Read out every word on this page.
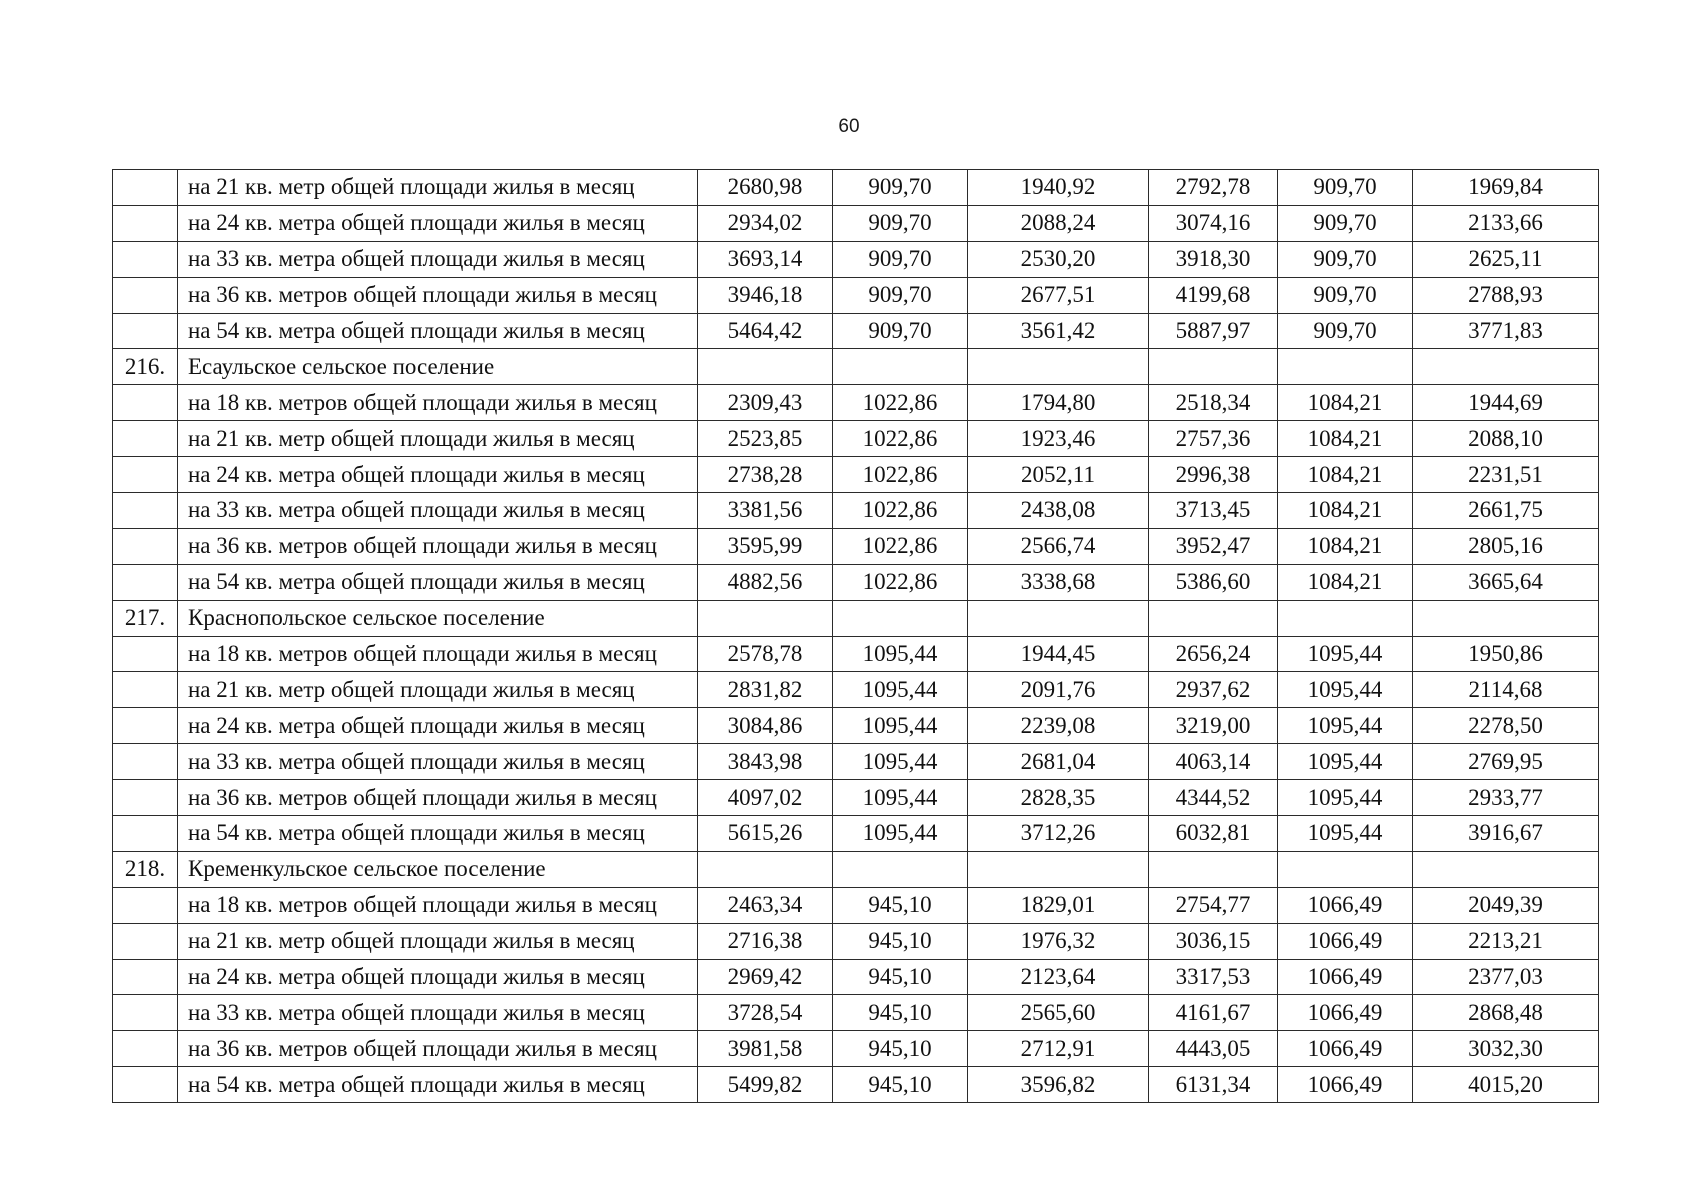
60
	на 21 кв. метр общей площади жилья в месяц	2680,98	909,70	1940,92	2792,78	909,70	1969,84
	на 24 кв. метра общей площади жилья в месяц	2934,02	909,70	2088,24	3074,16	909,70	2133,66
	на 33 кв. метра общей площади жилья в месяц	3693,14	909,70	2530,20	3918,30	909,70	2625,11
	на 36 кв. метров общей площади жилья в месяц	3946,18	909,70	2677,51	4199,68	909,70	2788,93
	на 54 кв. метра общей площади жилья в месяц	5464,42	909,70	3561,42	5887,97	909,70	3771,83
216.	Есаульское сельское поселение						
	на 18 кв. метров общей площади жилья в месяц	2309,43	1022,86	1794,80	2518,34	1084,21	1944,69
	на 21 кв. метр общей площади жилья в месяц	2523,85	1022,86	1923,46	2757,36	1084,21	2088,10
	на 24 кв. метра общей площади жилья в месяц	2738,28	1022,86	2052,11	2996,38	1084,21	2231,51
	на 33 кв. метра общей площади жилья в месяц	3381,56	1022,86	2438,08	3713,45	1084,21	2661,75
	на 36 кв. метров общей площади жилья в месяц	3595,99	1022,86	2566,74	3952,47	1084,21	2805,16
	на 54 кв. метра общей площади жилья в месяц	4882,56	1022,86	3338,68	5386,60	1084,21	3665,64
217.	Краснопольское сельское поселение						
	на 18 кв. метров общей площади жилья в месяц	2578,78	1095,44	1944,45	2656,24	1095,44	1950,86
	на 21 кв. метр общей площади жилья в месяц	2831,82	1095,44	2091,76	2937,62	1095,44	2114,68
	на 24 кв. метра общей площади жилья в месяц	3084,86	1095,44	2239,08	3219,00	1095,44	2278,50
	на 33 кв. метра общей площади жилья в месяц	3843,98	1095,44	2681,04	4063,14	1095,44	2769,95
	на 36 кв. метров общей площади жилья в месяц	4097,02	1095,44	2828,35	4344,52	1095,44	2933,77
	на 54 кв. метра общей площади жилья в месяц	5615,26	1095,44	3712,26	6032,81	1095,44	3916,67
218.	Кременкульское сельское поселение						
	на 18 кв. метров общей площади жилья в месяц	2463,34	945,10	1829,01	2754,77	1066,49	2049,39
	на 21 кв. метр общей площади жилья в месяц	2716,38	945,10	1976,32	3036,15	1066,49	2213,21
	на 24 кв. метра общей площади жилья в месяц	2969,42	945,10	2123,64	3317,53	1066,49	2377,03
	на 33 кв. метра общей площади жилья в месяц	3728,54	945,10	2565,60	4161,67	1066,49	2868,48
	на 36 кв. метров общей площади жилья в месяц	3981,58	945,10	2712,91	4443,05	1066,49	3032,30
	на 54 кв. метра общей площади жилья в месяц	5499,82	945,10	3596,82	6131,34	1066,49	4015,20
